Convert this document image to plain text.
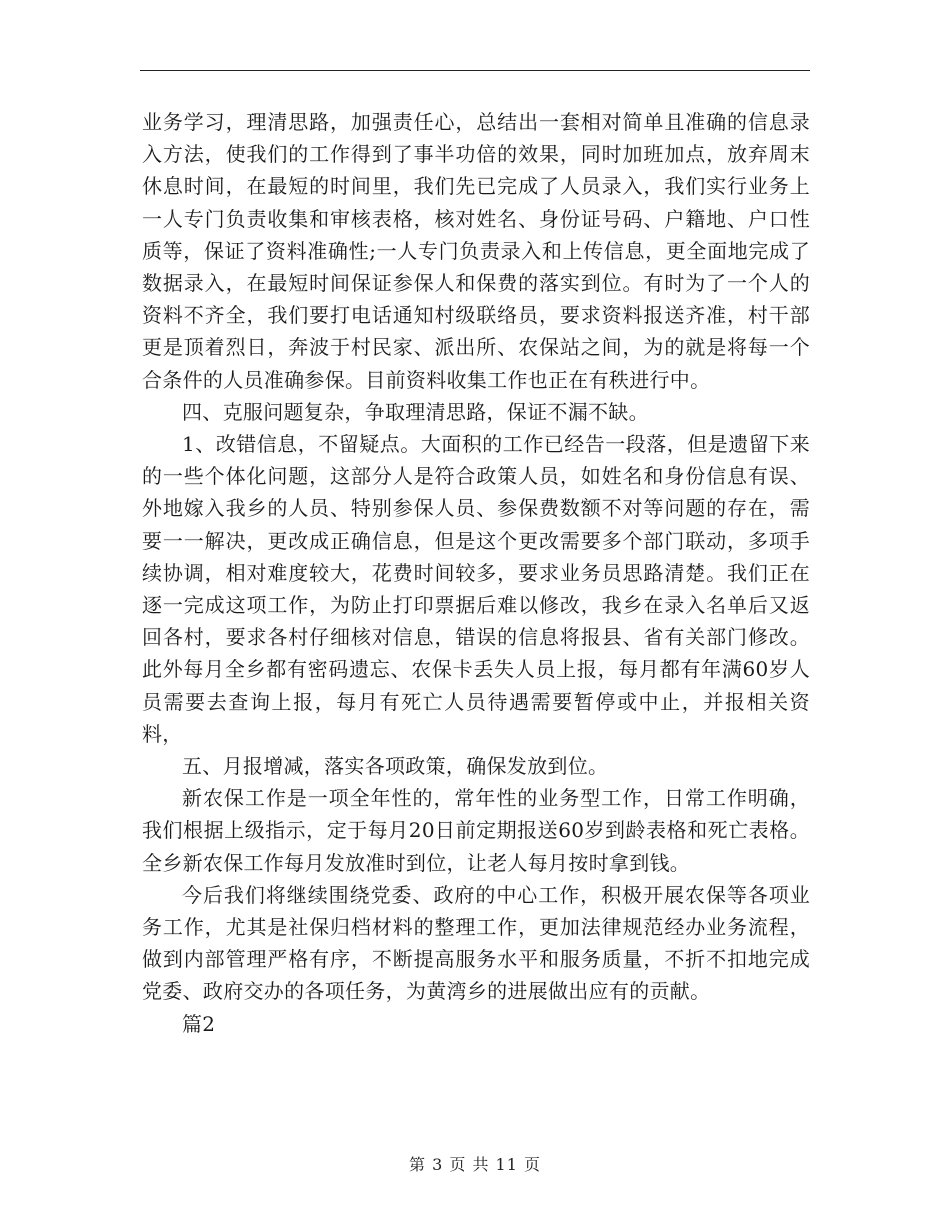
业务学习，理清思路，加强责任心，总结出一套相对简单且准确的信息录入方法，使我们的工作得到了事半功倍的效果，同时加班加点，放弃周末休息时间，在最短的时间里，我们先已完成了人员录入，我们实行业务上一人专门负责收集和审核表格，核对姓名、身份证号码、户籍地、户口性质等，保证了资料准确性;一人专门负责录入和上传信息，更全面地完成了数据录入，在最短时间保证参保人和保费的落实到位。有时为了一个人的资料不齐全，我们要打电话通知村级联络员，要求资料报送齐准，村干部更是顶着烈日，奔波于村民家、派出所、农保站之间，为的就是将每一个合条件的人员准确参保。目前资料收集工作也正在有秩进行中。

四、克服问题复杂，争取理清思路，保证不漏不缺。

1、改错信息，不留疑点。大面积的工作已经告一段落，但是遗留下来的一些个体化问题，这部分人是符合政策人员，如姓名和身份信息有误、外地嫁入我乡的人员、特别参保人员、参保费数额不对等问题的存在，需要一一解决，更改成正确信息，但是这个更改需要多个部门联动，多项手续协调，相对难度较大，花费时间较多，要求业务员思路清楚。我们正在逐一完成这项工作，为防止打印票据后难以修改，我乡在录入名单后又返回各村，要求各村仔细核对信息，错误的信息将报县、省有关部门修改。此外每月全乡都有密码遗忘、农保卡丢失人员上报，每月都有年满60岁人员需要去查询上报，每月有死亡人员待遇需要暂停或中止，并报相关资料，

五、月报增减，落实各项政策，确保发放到位。

新农保工作是一项全年性的，常年性的业务型工作，日常工作明确，我们根据上级指示，定于每月20日前定期报送60岁到龄表格和死亡表格。全乡新农保工作每月发放准时到位，让老人每月按时拿到钱。

今后我们将继续围绕党委、政府的中心工作，积极开展农保等各项业务工作，尤其是社保归档材料的整理工作，更加法律规范经办业务流程，做到内部管理严格有序，不断提高服务水平和服务质量，不折不扣地完成党委、政府交办的各项任务，为黄湾乡的进展做出应有的贡献。

篇2

第 3 页 共 11 页
